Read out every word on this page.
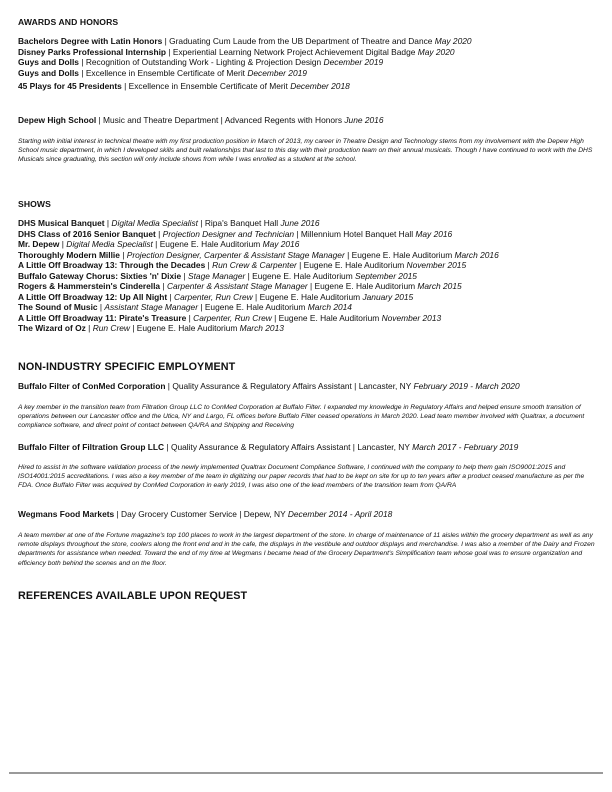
AWARDS AND HONORS
Bachelors Degree with Latin Honors | Graduating Cum Laude from the UB Department of Theatre and Dance May 2020
Disney Parks Professional Internship | Experiential Learning Network Project Achievement Digital Badge May 2020
Guys and Dolls | Recognition of Outstanding Work - Lighting & Projection Design December 2019
Guys and Dolls | Excellence in Ensemble Certificate of Merit December 2019
45 Plays for 45 Presidents | Excellence in Ensemble Certificate of Merit December 2018
Depew High School | Music and Theatre Department | Advanced Regents with Honors June 2016
Starting with initial interest in technical theatre with my first production position in March of 2013, my career in Theatre Design and Technology stems from my involvement with the Depew High School music department, in which I developed skills and built relationships that last to this day with their production team on their annual musicals. Though I have continued to work with the DHS Musicals since graduating, this section will only include shows from while I was enrolled as a student at the school.
SHOWS
DHS Musical Banquet | Digital Media Specialist | Ripa's Banquet Hall June 2016
DHS Class of 2016 Senior Banquet | Projection Designer and Technician | Millennium Hotel Banquet Hall May 2016
Mr. Depew | Digital Media Specialist | Eugene E. Hale Auditorium May 2016
Thoroughly Modern Millie | Projection Designer, Carpenter & Assistant Stage Manager | Eugene E. Hale Auditorium March 2016
A Little Off Broadway 13: Through the Decades | Run Crew & Carpenter | Eugene E. Hale Auditorium November 2015
Buffalo Gateway Chorus: Sixties 'n' Dixie | Stage Manager | Eugene E. Hale Auditorium September 2015
Rogers & Hammerstein's Cinderella | Carpenter & Assistant Stage Manager | Eugene E. Hale Auditorium March 2015
A Little Off Broadway 12: Up All Night | Carpenter, Run Crew | Eugene E. Hale Auditorium January 2015
The Sound of Music | Assistant Stage Manager | Eugene E. Hale Auditorium March 2014
A Little Off Broadway 11: Pirate's Treasure | Carpenter, Run Crew | Eugene E. Hale Auditorium November 2013
The Wizard of Oz | Run Crew | Eugene E. Hale Auditorium March 2013
NON-INDUSTRY SPECIFIC EMPLOYMENT
Buffalo Filter of ConMed Corporation | Quality Assurance & Regulatory Affairs Assistant | Lancaster, NY February 2019 - March 2020
A key member in the transition team from Filtration Group LLC to ConMed Corporation at Buffalo Filter. I expanded my knowledge in Regulatory Affairs and helped ensure smooth transition of operations between our Lancaster office and the Utica, NY and Largo, FL offices before Buffalo Filter ceased operations in March 2020. Lead team member involved with Qualtrax, a document compliance software, and direct point of contact between QA/RA and Shipping and Receiving
Buffalo Filter of Filtration Group LLC | Quality Assurance & Regulatory Affairs Assistant | Lancaster, NY March 2017 - February 2019
Hired to assist in the software validation process of the newly implemented Qualtrax Document Compliance Software, I continued with the company to help them gain ISO9001:2015 and ISO14001:2015 accreditations. I was also a key member of the team in digitizing our paper records that had to be kept on site for up to ten years after a product ceased manufacture as per the FDA. Once Buffalo Filter was acquired by ConMed Corporation in early 2019, I was also one of the lead members of the transition team from QA/RA
Wegmans Food Markets | Day Grocery Customer Service | Depew, NY December 2014 - April 2018
A team member at one of the Fortune magazine's top 100 places to work in the largest department of the store. In charge of maintenance of 11 aisles within the grocery department as well as any remote displays throughout the store, coolers along the front end and in the cafe, the displays in the vestibule and outdoor displays and merchandise. I was also a member of the Dairy and Frozen departments for assistance when needed. Toward the end of my time at Wegmans I became head of the Grocery Department's Simplification team whose goal was to ensure organization and efficiency both behind the scenes and on the floor.
REFERENCES AVAILABLE UPON REQUEST
